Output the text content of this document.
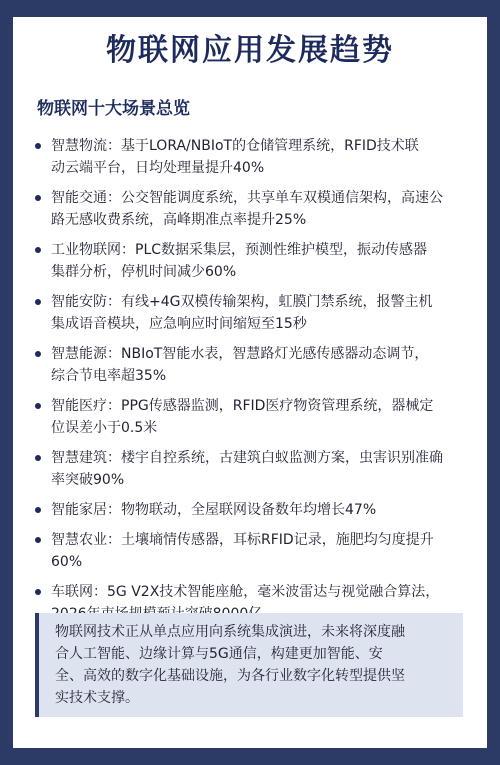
物联网应用发展趋势
物联网十大场景总览
智慧物流：基于LORA/NBIoT的仓储管理系统，RFID技术联
动云端平台，日均处理量提升40%
智能交通：公交智能调度系统，共享单车双模通信架构，高速公
路无感收费系统，高峰期准点率提升25%
工业物联网：PLC数据采集层，预测性维护模型，振动传感器
集群分析，停机时间减少60%
智能安防：有线+4G双模传输架构，虹膜门禁系统，报警主机
集成语音模块，应急响应时间缩短至15秒
智慧能源：NBIoT智能水表，智慧路灯光感传感器动态调节，
综合节电率超35%
智能医疗：PPG传感器监测，RFID医疗物资管理系统，器械定
位误差小于0.5米
智慧建筑：楼宇自控系统，古建筑白蚁监测方案，虫害识别准确
率突破90%
智能家居：物物联动，全屋联网设备数年均增长47%
智慧农业：土壤墒情传感器，耳标RFID记录，施肥均匀度提升
60%
车联网：5G V2X技术智能座舱，毫米波雷达与视觉融合算法，

物联网技术正从单点应用向系统集成演进，未来将深度融
合人工智能、边缘计算与5G通信，构建更加智能、安
全、高效的数字化基础设施，为各行业数字化转型提供坚
实技术支撑。
